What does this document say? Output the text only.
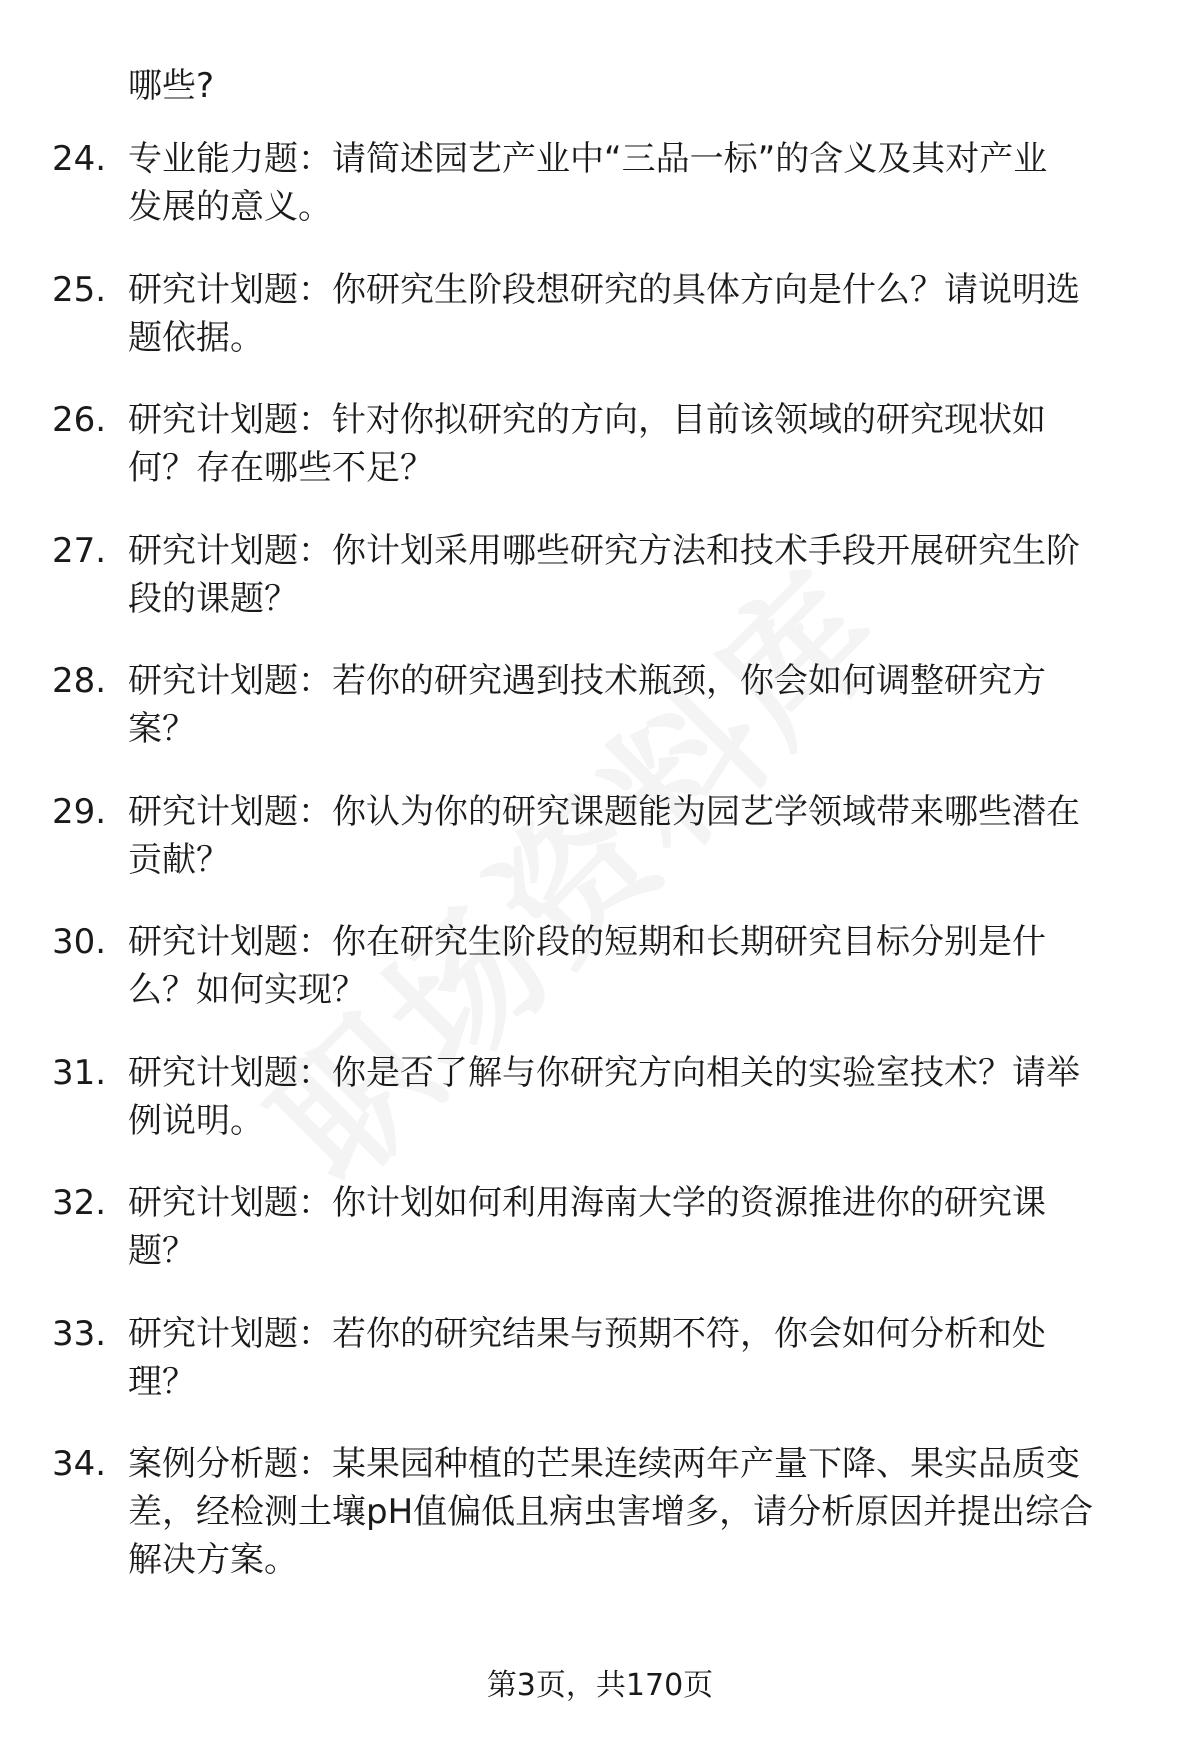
哪些?

24. 专业能力题：请简述园艺产业中“三品一标”的含义及其对产业
发展的意义。

25. 研究计划题：你研究生阶段想研究的具体方向是什么？请说明选
题依据。

26. 研究计划题：针对你拟研究的方向，目前该领域的研究现状如
何？存在哪些不足？

27. 研究计划题：你计划采用哪些研究方法和技术手段开展研究生阶
段的课题？

28. 研究计划题：若你的研究遇到技术瓶颈，你会如何调整研究方
案？

29. 研究计划题：你认为你的研究课题能为园艺学领域带来哪些潜在
贡献？

30. 研究计划题：你在研究生阶段的短期和长期研究目标分别是什
么？如何实现？

31. 研究计划题：你是否了解与你研究方向相关的实验室技术？请举
例说明。

32. 研究计划题：你计划如何利用海南大学的资源推进你的研究课
题？

33. 研究计划题：若你的研究结果与预期不符，你会如何分析和处
理？

34. 案例分析题：某果园种植的芒果连续两年产量下降、果实品质变
差，经检测土壤pH值偏低且病虫害增多，请分析原因并提出综合
解决方案。

第3页，共170页
